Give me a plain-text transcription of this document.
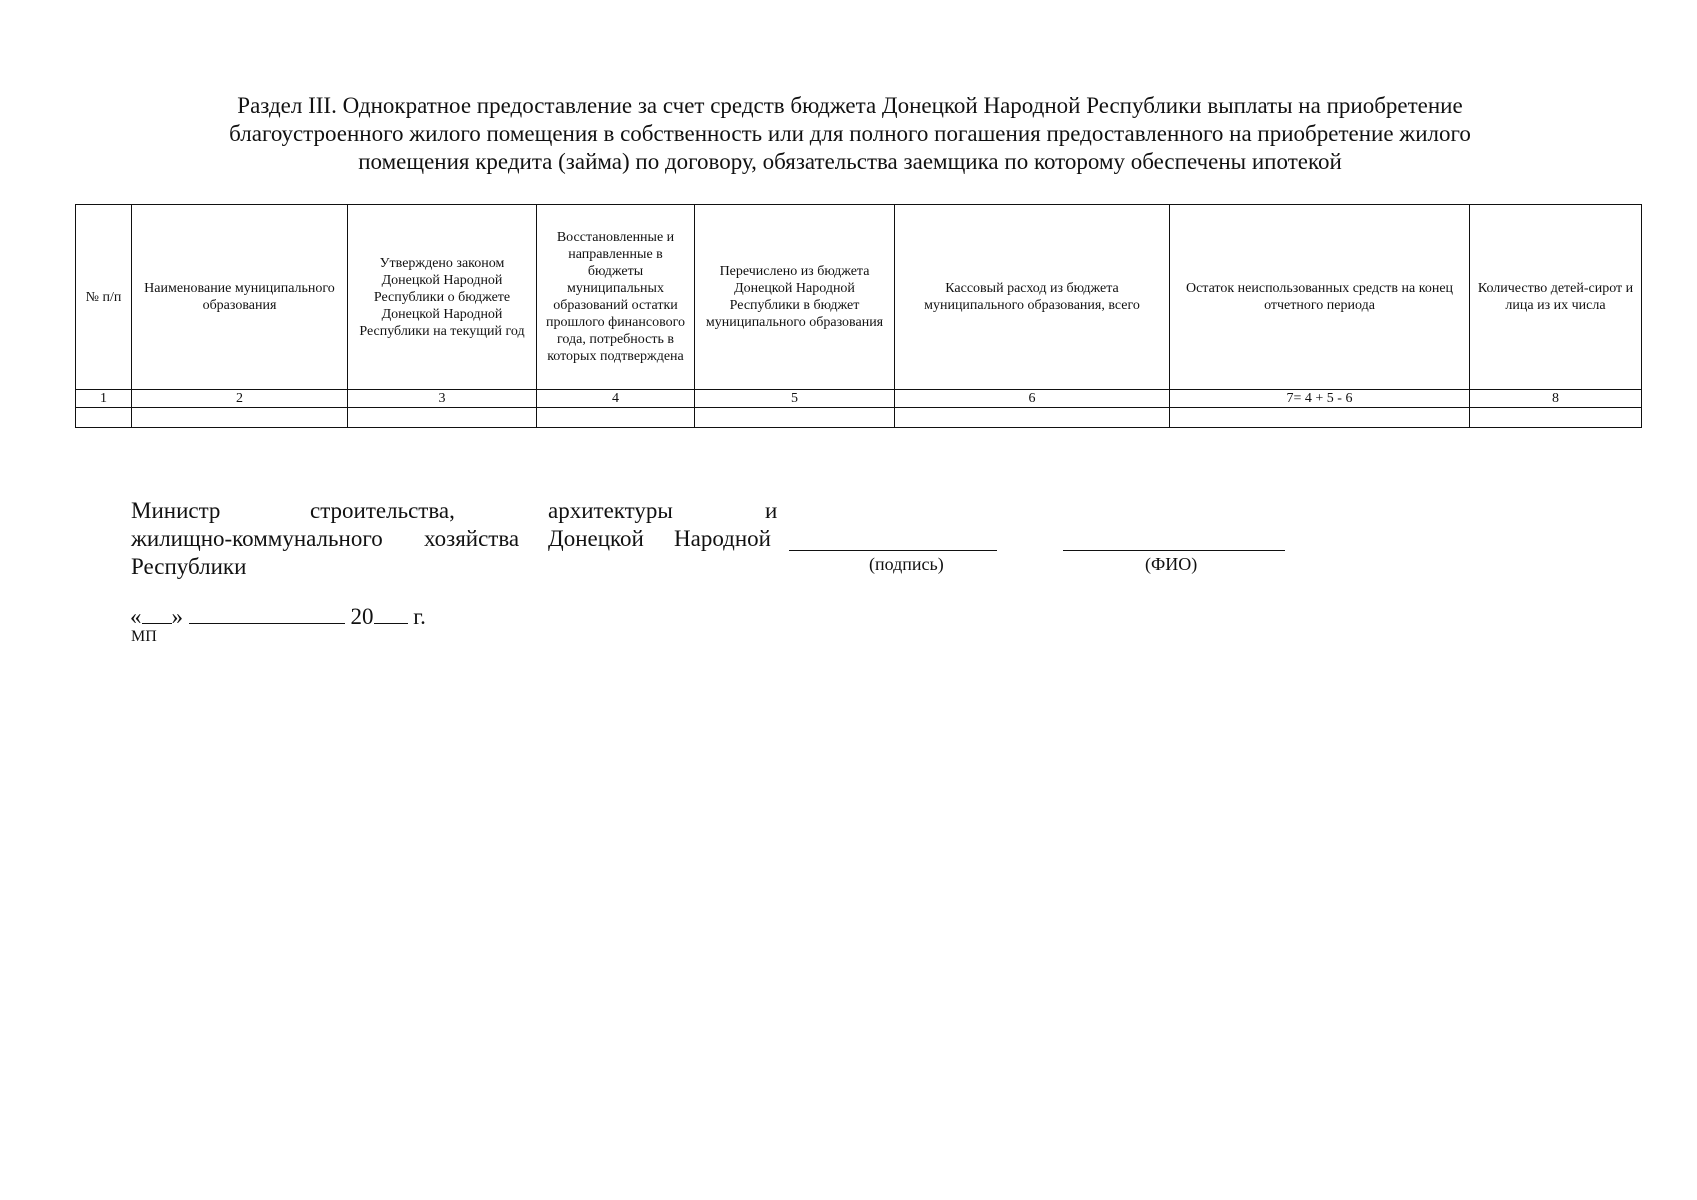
Раздел III. Однократное предоставление за счет средств бюджета Донецкой Народной Республики выплаты на приобретение
благоустроенного жилого помещения в собственность или для полного погашения предоставленного на приобретение жилого
помещения кредита (займа) по договору, обязательства заемщика по которому обеспечены ипотекой
№ п/п	Наименование муниципального образования	Утверждено законом Донецкой Народной Республики о бюджете Донецкой Народной Республики на текущий год	Восстановленные и направленные в бюджеты муниципальных образований остатки прошлого финансового года, потребность в которых подтверждена	Перечислено из бюджета Донецкой Народной Республики в бюджет муниципального образования	Кассовый расход из бюджета муниципального образования, всего	Остаток неиспользованных средств на конец отчетного периода	Количество детей-сирот и лица из их числа
1	2	3	4	5	6	7= 4 + 5 - 6	8

Министр	строительства,	архитектуры	и
жилищно-коммунального хозяйства Донецкой Народной
Республики	(подпись)	(ФИО)
« »	20 г.
МП
